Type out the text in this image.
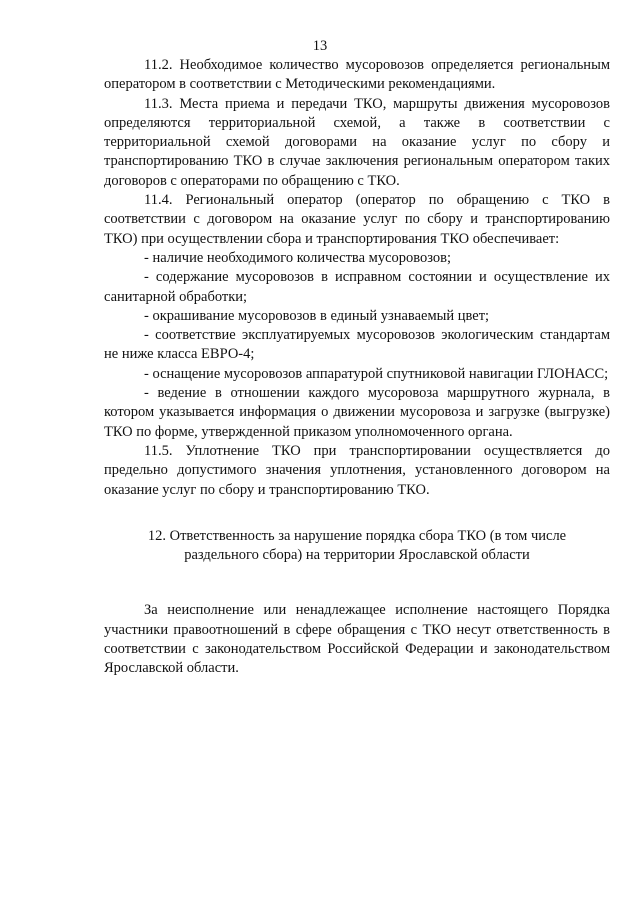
13

11.2. Необходимое количество мусоровозов определяется региональным оператором в соответствии с Методическими рекомендациями.

11.3. Места приема и передачи ТКО, маршруты движения мусоровозов определяются территориальной схемой, а также в соответствии с территориальной схемой договорами на оказание услуг по сбору и транспортированию ТКО в случае заключения региональным оператором таких договоров с операторами по обращению с ТКО.

11.4. Региональный оператор (оператор по обращению с ТКО в соответствии с договором на оказание услуг по сбору и транспортированию ТКО) при осуществлении сбора и транспортирования ТКО обеспечивает:

- наличие необходимого количества мусоровозов;

- содержание мусоровозов в исправном состоянии и осуществление их санитарной обработки;

- окрашивание мусоровозов в единый узнаваемый цвет;

- соответствие эксплуатируемых мусоровозов экологическим стандартам не ниже класса ЕВРО-4;

- оснащение мусоровозов аппаратурой спутниковой навигации ГЛОНАСС;

- ведение в отношении каждого мусоровоза маршрутного журнала, в котором указывается информация о движении мусоровоза и загрузке (выгрузке) ТКО по форме, утвержденной приказом уполномоченного органа.

11.5. Уплотнение ТКО при транспортировании осуществляется до предельно допустимого значения уплотнения, установленного договором на оказание услуг по сбору и транспортированию ТКО.

12. Ответственность за нарушение порядка сбора ТКО (в том числе
раздельного сбора) на территории Ярославской области

За неисполнение или ненадлежащее исполнение настоящего Порядка участники правоотношений в сфере обращения с ТКО несут ответственность в соответствии с законодательством Российской Федерации и законодательством Ярославской области.
